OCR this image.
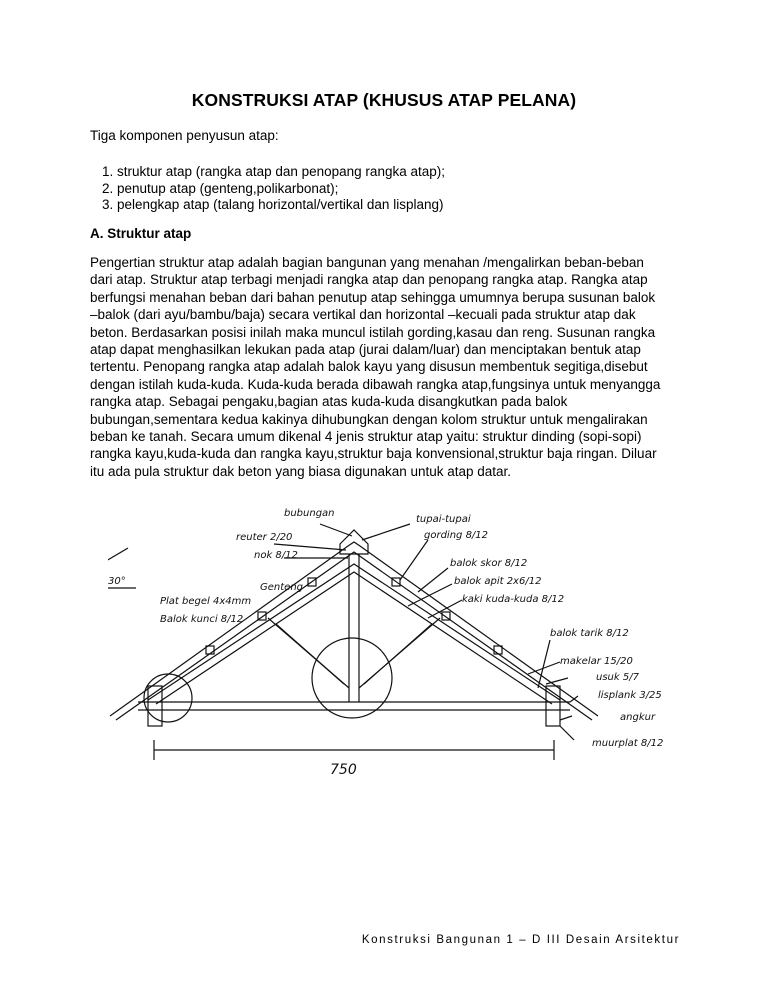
KONSTRUKSI ATAP (KHUSUS ATAP PELANA)
Tiga komponen penyusun atap:
1. struktur atap (rangka atap dan penopang rangka atap);
2. penutup atap (genteng,polikarbonat);
3. pelengkap atap (talang horizontal/vertikal dan lisplang)
A. Struktur atap
Pengertian struktur atap adalah bagian bangunan yang menahan /mengalirkan beban-beban
dari atap. Struktur atap terbagi menjadi rangka atap dan penopang rangka atap. Rangka atap
berfungsi menahan beban dari bahan penutup atap sehingga umumnya berupa susunan balok
–balok (dari ayu/bambu/baja) secara vertikal dan horizontal –kecuali pada struktur atap dak
beton. Berdasarkan posisi inilah maka muncul istilah gording,kasau dan reng. Susunan rangka
atap dapat menghasilkan lekukan pada atap (jurai dalam/luar) dan menciptakan bentuk atap
tertentu. Penopang rangka atap adalah balok kayu yang disusun membentuk segitiga,disebut
dengan istilah kuda-kuda. Kuda-kuda berada dibawah rangka atap,fungsinya untuk menyangga
rangka atap. Sebagai pengaku,bagian atas kuda-kuda disangkutkan pada balok
bubungan,sementara kedua kakinya dihubungkan dengan kolom struktur untuk mengalirakan
beban ke tanah. Secara umum dikenal 4 jenis struktur atap yaitu: struktur dinding (sopi-sopi)
rangka kayu,kuda-kuda dan rangka kayu,struktur baja konvensional,struktur baja ringan. Diluar
itu ada pula struktur dak beton yang biasa digunakan untuk atap datar.
bubungan
reuter 2/20
nok 8/12
Genteng
Plat begel 4x4mm
Balok kunci 8/12
30°
tupai-tupai
gording 8/12
balok skor 8/12
balok apit 2x6/12
kaki kuda-kuda 8/12
balok tarik 8/12
makelar 15/20
usuk 5/7
lisplank 3/25
angkur
muurplat 8/12
750
Konstruksi Bangunan 1 – D III Desain Arsitektur
